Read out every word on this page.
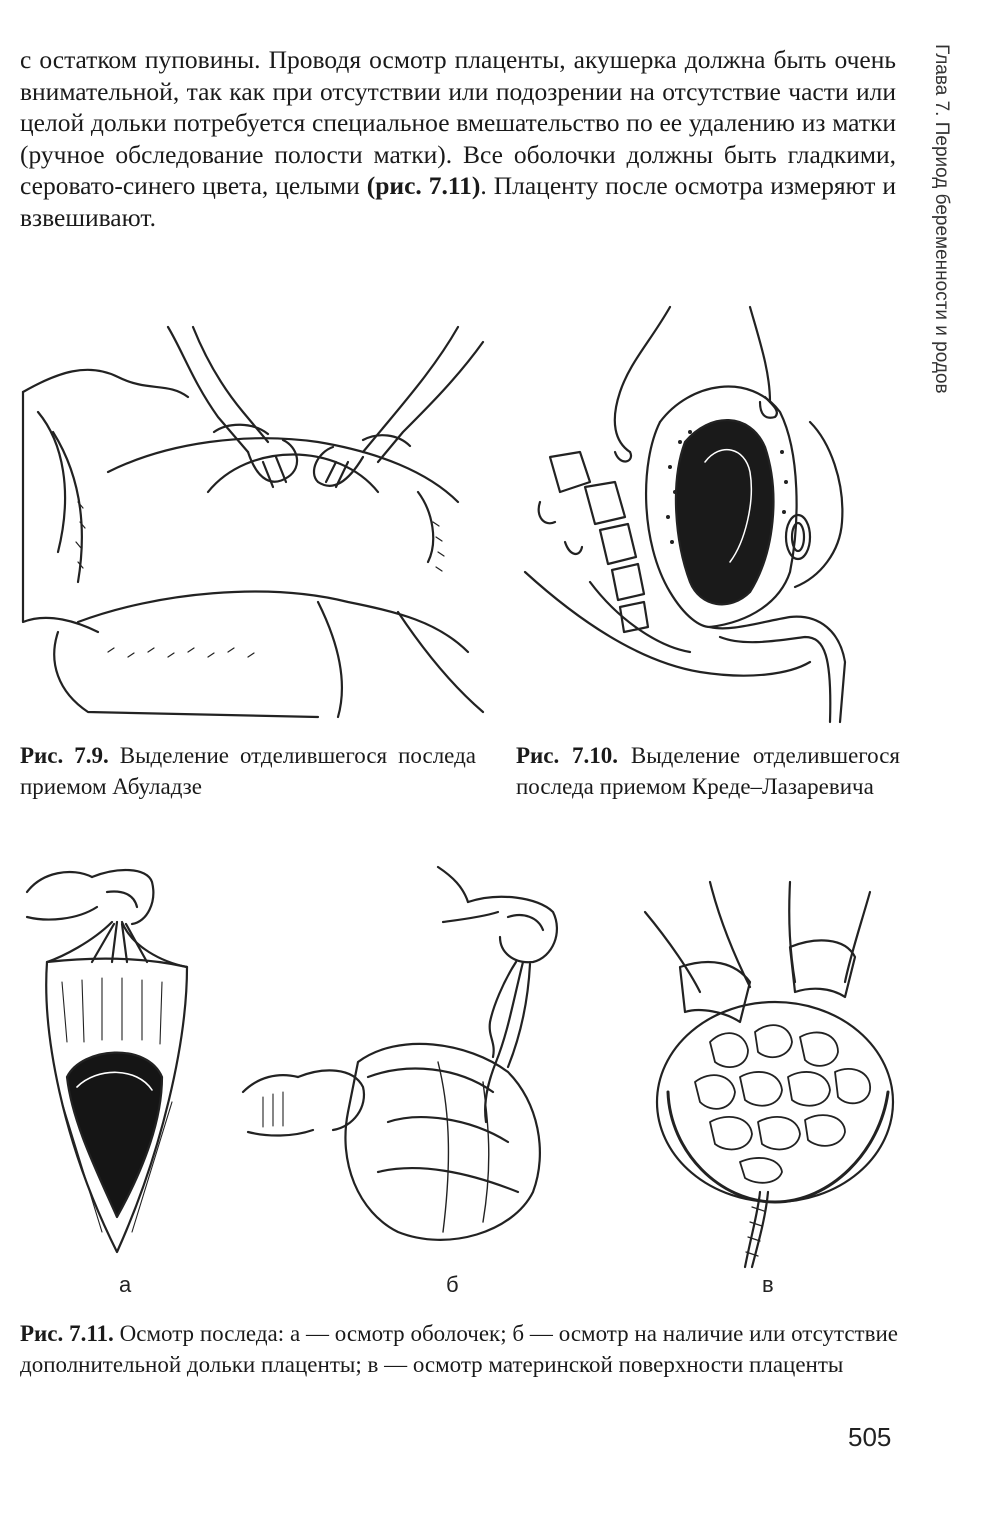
с остатком пуповины. Проводя осмотр плаценты, акушерка должна быть очень внимательной, так как при отсутствии или подозрении на отсутствие части или целой дольки потребуется специальное вмешательство по ее удалению из матки (ручное обследование полости матки). Все оболочки должны быть гладкими, серовато-синего цвета, целыми (рис. 7.11). Плаценту после осмотра измеряют и взвешивают.	Глава 7. Период беременности и родов

Рис. 7.9. Выделение отделившегося последа приемом Абуладзе

Рис. 7.10. Выделение отделившегося последа приемом Креде–Лазаревича

а	б	в

Рис. 7.11. Осмотр последа: а — осмотр оболочек; б — осмотр на наличие или отсутствие дополнительной дольки плаценты; в — осмотр материнской поверхности плаценты

505
